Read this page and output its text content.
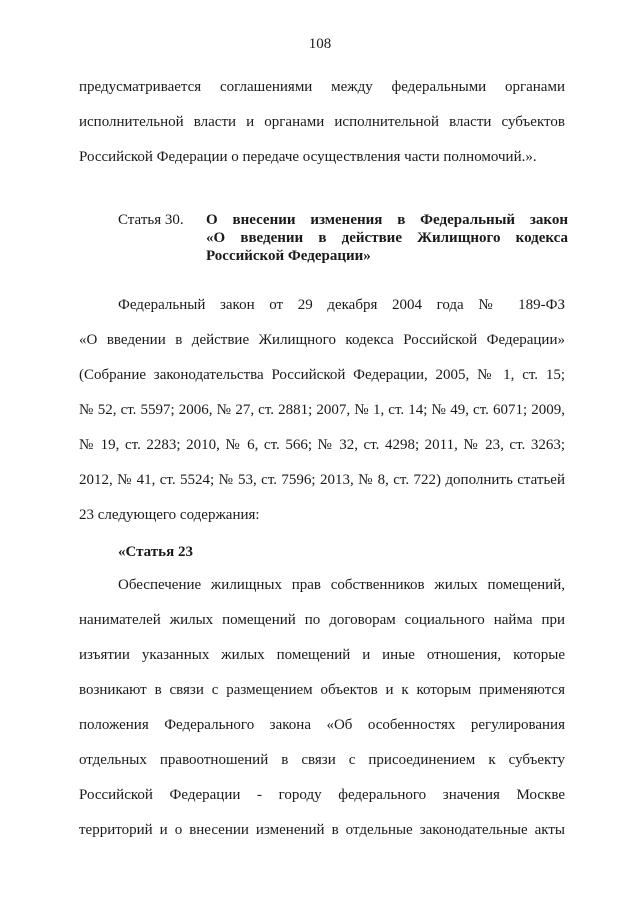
108
предусматривается соглашениями между федеральными органами
исполнительной власти и органами исполнительной власти субъектов
Российской Федерации о передаче осуществления части полномочий.».
Статья 30.	О внесении изменения в Федеральный закон
«О введении в действие Жилищного кодекса
Российской Федерации»
Федеральный закон от 29 декабря 2004 года № 189-ФЗ
«О введении в действие Жилищного кодекса Российской Федерации»
(Собрание законодательства Российской Федерации, 2005, № 1, ст. 15;
№ 52, ст. 5597; 2006, № 27, ст. 2881; 2007, № 1, ст. 14; № 49, ст. 6071; 2009,
№ 19, ст. 2283; 2010, № 6, ст. 566; № 32, ст. 4298; 2011, № 23, ст. 3263;
2012, № 41, ст. 5524; № 53, ст. 7596; 2013, № 8, ст. 722) дополнить статьей
23 следующего содержания:
«Статья 23
Обеспечение жилищных прав собственников жилых помещений,
нанимателей жилых помещений по договорам социального найма при
изъятии указанных жилых помещений и иные отношения, которые
возникают в связи с размещением объектов и к которым применяются
положения Федерального закона «Об особенностях регулирования
отдельных правоотношений в связи с присоединением к субъекту
Российской Федерации - городу федерального значения Москве
территорий и о внесении изменений в отдельные законодательные акты
